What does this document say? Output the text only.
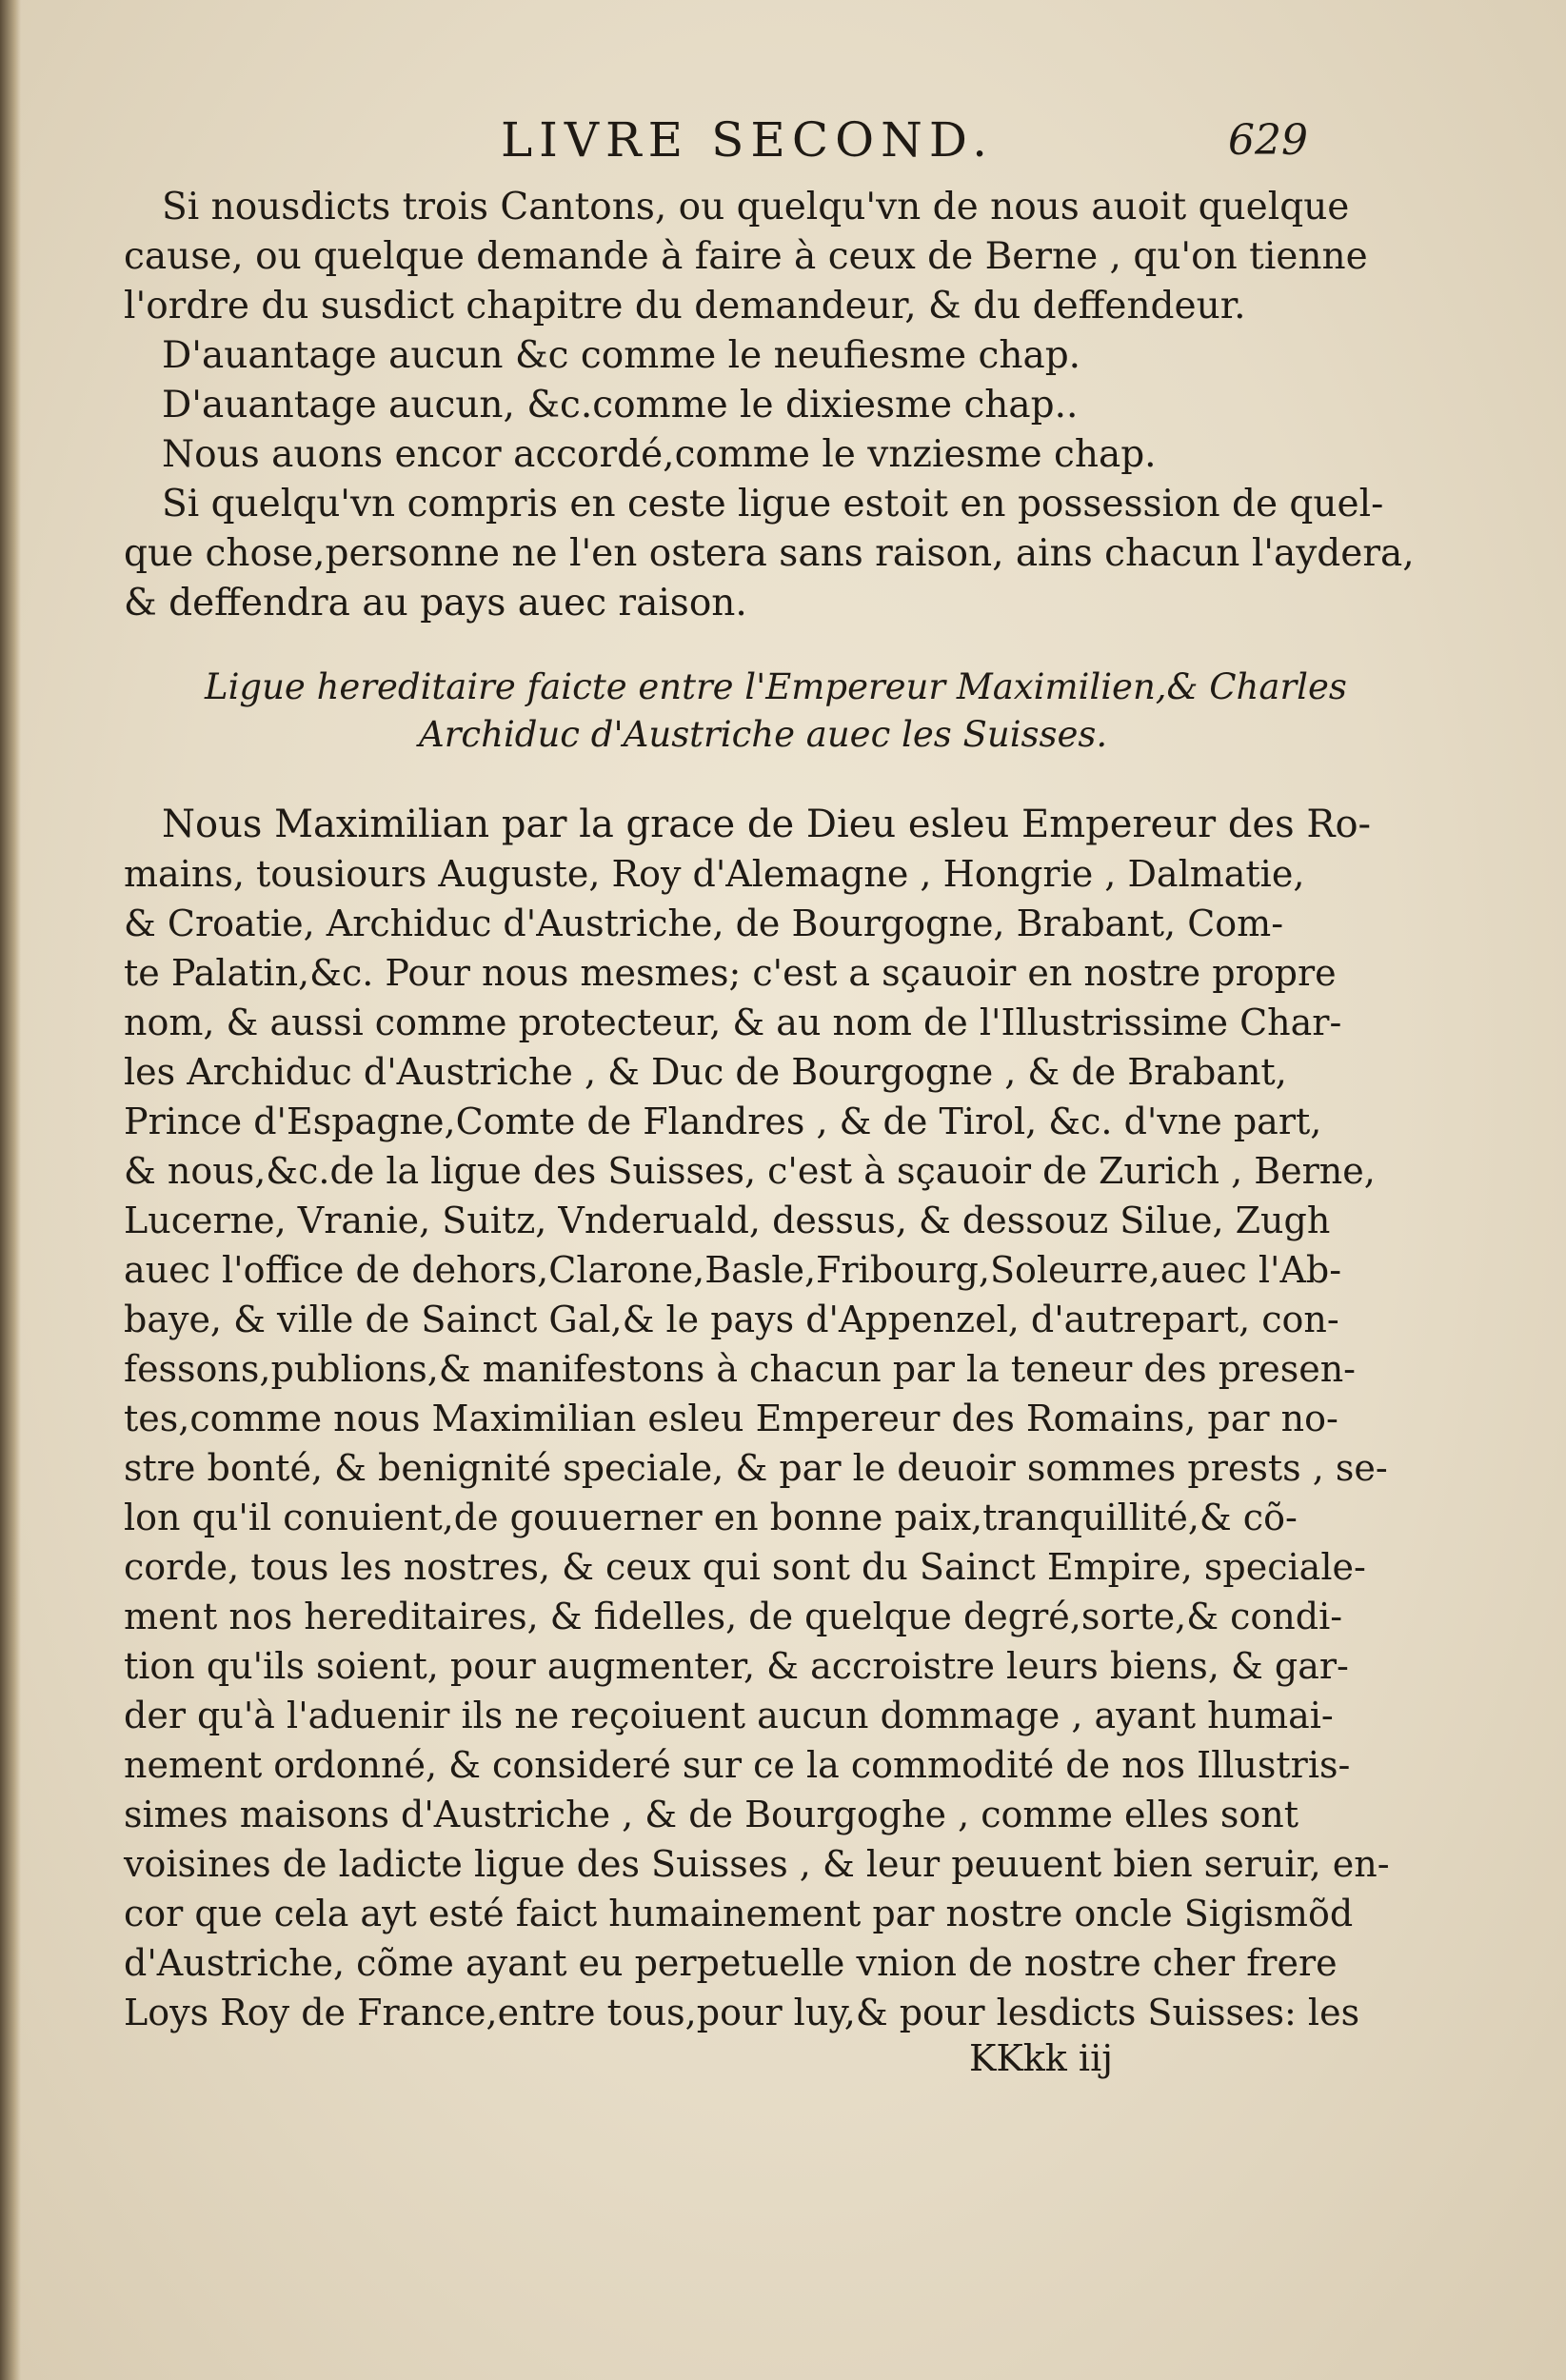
LIVRE SECOND.	629
Si nousdicts trois Cantons, ou quelqu'vn de nous auoit quelque
cause, ou quelque demande à faire à ceux de Berne , qu'on tienne
l'ordre du susdict chapitre du demandeur, & du deffendeur.
D'auantage aucun &c comme le neufiesme chap.
D'auantage aucun, &c.comme le dixiesme chap..
Nous auons encor accordé,comme le vnziesme chap.
Si quelqu'vn compris en ceste ligue estoit en possession de quel-
que chose,personne ne l'en ostera sans raison, ains chacun l'aydera,
& deffendra au pays auec raison.
Ligue hereditaire faicte entre l'Empereur Maximilien,& Charles
Archiduc d'Austriche auec les Suisses.
Nous Maximilian par la grace de Dieu esleu Empereur des Ro-
mains, tousiours Auguste, Roy d'Alemagne , Hongrie , Dalmatie,
& Croatie, Archiduc d'Austriche, de Bourgogne, Brabant, Com-
te Palatin,&c. Pour nous mesmes; c'est a sçauoir en nostre propre
nom, & aussi comme protecteur, & au nom de l'Illustrissime Char-
les Archiduc d'Austriche , & Duc de Bourgogne , & de Brabant,
Prince d'Espagne,Comte de Flandres , & de Tirol, &c. d'vne part,
& nous,&c.de la ligue des Suisses, c'est à sçauoir de Zurich , Berne,
Lucerne, Vranie, Suitz, Vnderuald, dessus, & dessouz Silue, Zugh
auec l'office de dehors,Clarone,Basle,Fribourg,Soleurre,auec l'Ab-
baye, & ville de Sainct Gal,& le pays d'Appenzel, d'autrepart, con-
fessons,publions,& manifestons à chacun par la teneur des presen-
tes,comme nous Maximilian esleu Empereur des Romains, par no-
stre bonté, & benignité speciale, & par le deuoir sommes prests , se-
lon qu'il conuient,de gouuerner en bonne paix,tranquillité,& cõ-
corde, tous les nostres, & ceux qui sont du Sainct Empire, speciale-
ment nos hereditaires, & fidelles, de quelque degré,sorte,& condi-
tion qu'ils soient, pour augmenter, & accroistre leurs biens, & gar-
der qu'à l'aduenir ils ne reçoiuent aucun dommage , ayant humai-
nement ordonné, & consideré sur ce la commodité de nos Illustris-
simes maisons d'Austriche , & de Bourgoghe , comme elles sont
voisines de ladicte ligue des Suisses , & leur peuuent bien seruir, en-
cor que cela ayt esté faict humainement par nostre oncle Sigismõd
d'Austriche, cõme ayant eu perpetuelle vnion de nostre cher frere
Loys Roy de France,entre tous,pour luy,& pour lesdicts Suisses: les
KKkk iij
